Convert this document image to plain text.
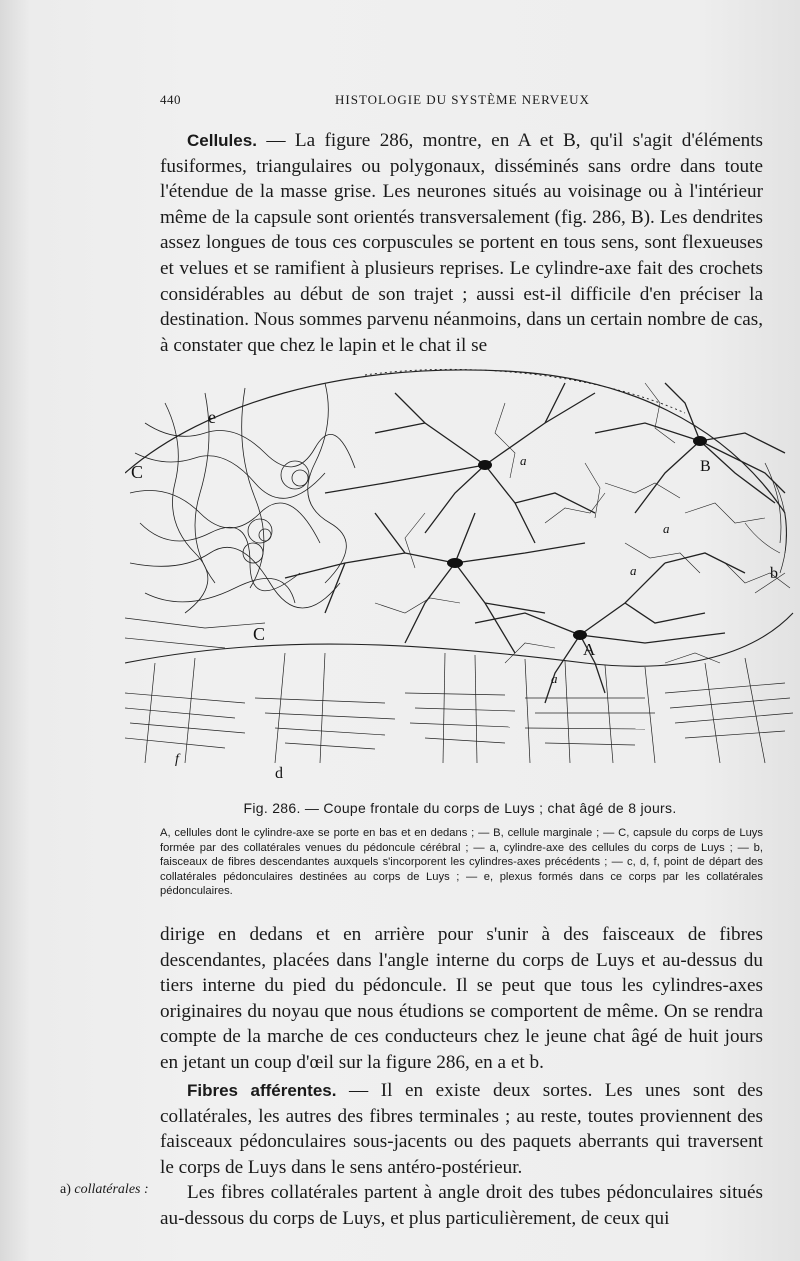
440	HISTOLOGIE DU SYSTÈME NERVEUX

Cellules. — La figure 286, montre, en A et B, qu'il s'agit d'éléments fusiformes, triangulaires ou polygonaux, disséminés sans ordre dans toute l'étendue de la masse grise. Les neurones situés au voisinage ou à l'intérieur même de la capsule sont orientés transversalement (fig. 286, B). Les dendrites assez longues de tous ces corpuscules se portent en tous sens, sont flexueuses et velues et se ramifient à plusieurs reprises. Le cylindre-axe fait des crochets considérables au début de son trajet ; aussi est-il difficile d'en préciser la destination. Nous sommes parvenu néanmoins, dans un certain nombre de cas, à constater que chez le lapin et le chat il se

e
C
C
B
b
a
a
a
a
A
f
d
Fig. 286. — Coupe frontale du corps de Luys ; chat âgé de 8 jours.
A, cellules dont le cylindre-axe se porte en bas et en dedans ; — B, cellule marginale ; — C, capsule du corps de Luys formée par des collatérales venues du pédoncule cérébral ; — a, cylindre-axe des cellules du corps de Luys ; — b, faisceaux de fibres descendantes auxquels s'incorporent les cylindres-axes précédents ; — c, d, f, point de départ des collatérales pédonculaires destinées au corps de Luys ; — e, plexus formés dans ce corps par les collatérales pédonculaires.

dirige en dedans et en arrière pour s'unir à des faisceaux de fibres descendantes, placées dans l'angle interne du corps de Luys et au-dessus du tiers interne du pied du pédoncule. Il se peut que tous les cylindres-axes originaires du noyau que nous étudions se comportent de même. On se rendra compte de la marche de ces conducteurs chez le jeune chat âgé de huit jours en jetant un coup d'œil sur la figure 286, en a et b.

Fibres afférentes. — Il en existe deux sortes. Les unes sont des collatérales, les autres des fibres terminales ; au reste, toutes proviennent des faisceaux pédonculaires sous-jacents ou des paquets aberrants qui traversent le corps de Luys dans le sens antéro-postérieur.

Les fibres collatérales partent à angle droit des tubes pédonculaires situés au-dessous du corps de Luys, et plus particulièrement, de ceux qui

a) collatérales :
